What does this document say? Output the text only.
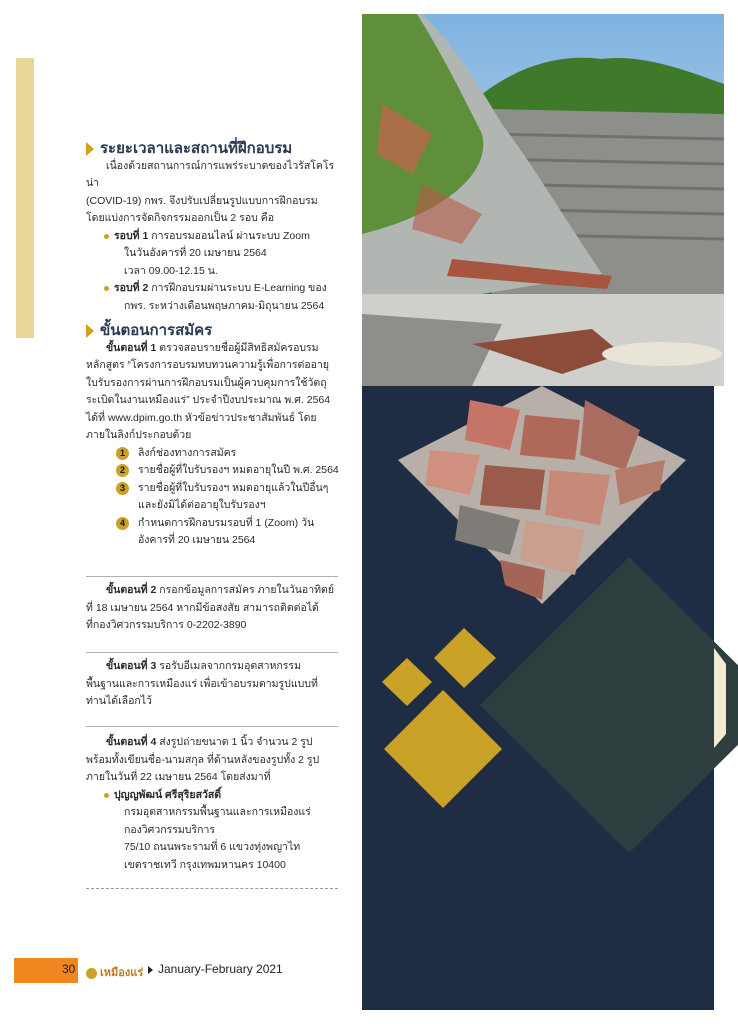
ระยะเวลาและสถานที่ฝึกอบรม

เนื่องด้วยสถานการณ์การแพร่ระบาดของไวรัสโคโรน่า

(COVID-19) กพร. จึงปรับเปลี่ยนรูปแบบการฝึกอบรม

โดยแบ่งการจัดกิจกรรมออกเป็น 2 รอบ คือ

รอบที่ 1 การอบรมออนไลน์ ผ่านระบบ Zoom

ในวันอังคารที่ 20 เมษายน 2564

เวลา 09.00-12.15 น.

รอบที่ 2 การฝึกอบรมผ่านระบบ E-Learning ของ

กพร. ระหว่างเดือนพฤษภาคม-มิถุนายน 2564

ขั้นตอนการสมัคร

ขั้นตอนที่ 1 ตรวจสอบรายชื่อผู้มีสิทธิสมัครอบรม

หลักสูตร “โครงการอบรมทบทวนความรู้เพื่อการต่ออายุ

ใบรับรองการผ่านการฝึกอบรมเป็นผู้ควบคุมการใช้วัตถุ

ระเบิดในงานเหมืองแร่” ประจำปีงบประมาณ พ.ศ. 2564

ได้ที่ www.dpim.go.th หัวข้อข่าวประชาสัมพันธ์ โดย

ภายในลิงก์ประกอบด้วย

1	ลิงก์ช่องทางการสมัคร

2	รายชื่อผู้ที่ใบรับรองฯ หมดอายุในปี พ.ศ. 2564

3	รายชื่อผู้ที่ใบรับรองฯ หมดอายุแล้วในปีอื่นๆ

และยังมิได้ต่ออายุใบรับรองฯ

4	กำหนดการฝึกอบรมรอบที่ 1 (Zoom) วัน

อังคารที่ 20 เมษายน 2564

ขั้นตอนที่ 2 กรอกข้อมูลการสมัคร ภายในวันอาทิตย์

ที่ 18 เมษายน 2564 หากมีข้อสงสัย สามารถติดต่อได้

ที่กองวิศวกรรมบริการ 0-2202-3890

ขั้นตอนที่ 3 รอรับอีเมลจากกรมอุตสาหกรรม

พื้นฐานและการเหมืองแร่ เพื่อเข้าอบรมตามรูปแบบที่

ท่านได้เลือกไว้

ขั้นตอนที่ 4 ส่งรูปถ่ายขนาด 1 นิ้ว จำนวน 2 รูป

พร้อมทั้งเขียนชื่อ-นามสกุล ที่ด้านหลังของรูปทั้ง 2 รูป

ภายในวันที่ 22 เมษายน 2564 โดยส่งมาที่

ปุญญพัฒน์ ศรีสุริยสวัสดิ์

กรมอุตสาหกรรมพื้นฐานและการเหมืองแร่

กองวิศวกรรมบริการ

75/10 ถนนพระรามที่ 6 แขวงทุ่งพญาไท

เขตราชเทวี กรุงเทพมหานคร 10400

30	เหมืองแร่ January-February 2021
